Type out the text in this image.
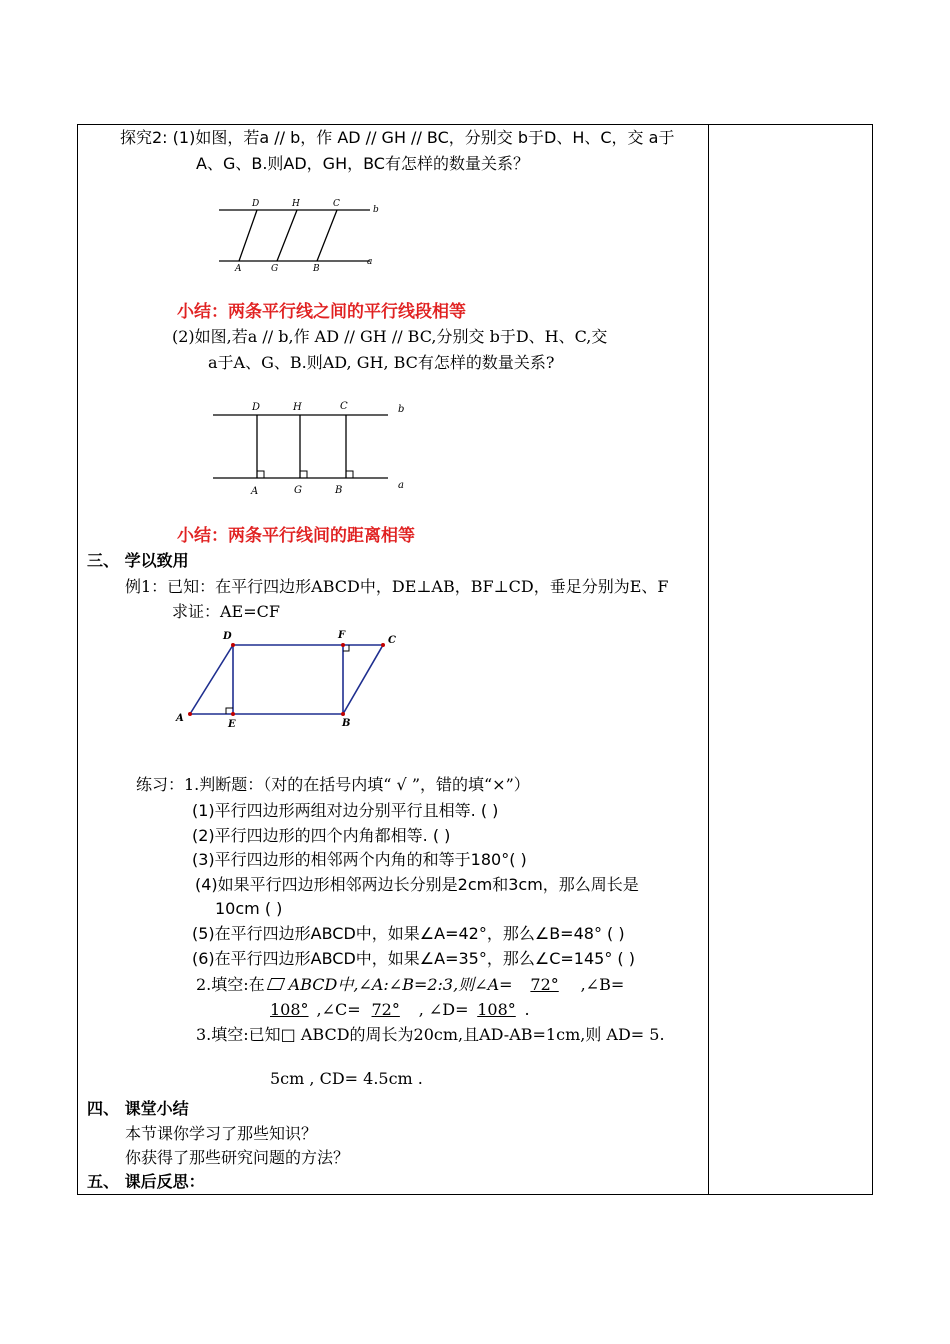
探究2: (1)如图，若a // b，作 AD // GH // BC，分别交 b于D、H、C，交 a于
A、G、B.则AD，GH，BC有怎样的数量关系？
D	H	C
b
A	G	B
a
小结：两条平行线之间的平行线段相等
(2)如图,若a // b,作 AD // GH // BC,分别交 b于D、H、C,交
a于A、G、B.则AD, GH, BC有怎样的数量关系?
D	H	C	b
A	G	B	a
小结：两条平行线间的距离相等
三、 学以致用
例1：已知：在平行四边形ABCD中，DE⊥AB，BF⊥CD，垂足分别为E、F
求证：AE=CF
D	F	C
A
E	B
练习：1.判断题：（对的在括号内填“ √ ”，错的填“×”）
(1)平行四边形两组对边分别平行且相等. ( )
(2)平行四边形的四个内角都相等. ( )
(3)平行四边形的相邻两个内角的和等于180°( )
(4)如果平行四边形相邻两边长分别是2cm和3cm，那么周长是
10cm ( )
(5)在平行四边形ABCD中，如果∠A=42°，那么∠B=48° ( )
(6)在平行四边形ABCD中，如果∠A=35°，那么∠C=145° ( )
2.填空:在 ABCD中,∠A:∠B=2:3,则∠A= 72° ,∠B=
108° ,∠C= 72° , ∠D= 108° .
3.填空:已知□ ABCD的周长为20cm,且AD-AB=1cm,则 AD= 5.
5cm , CD= 4.5cm .
四、 课堂小结
本节课你学习了那些知识？
你获得了那些研究问题的方法？
五、 课后反思：
